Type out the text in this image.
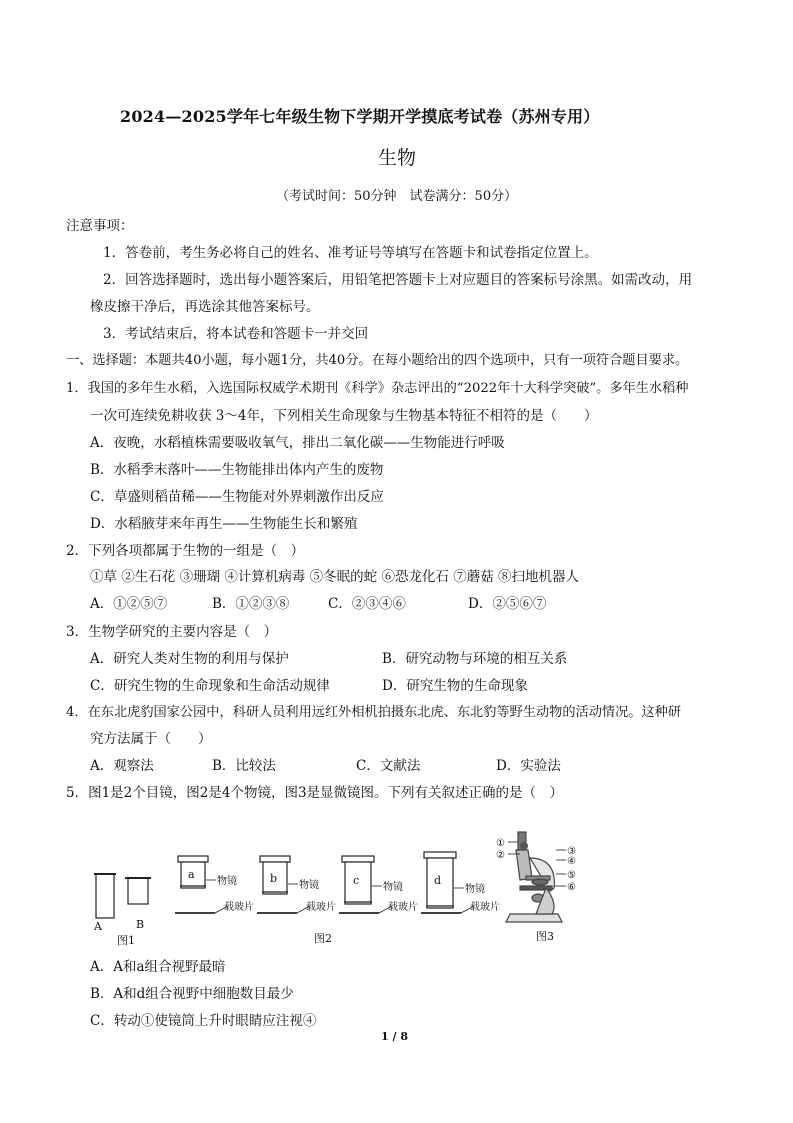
2024—2025学年七年级生物下学期开学摸底考试卷（苏州专用）
生物
（考试时间：50分钟　试卷满分：50分）
注意事项：
1．答卷前，考生务必将自己的姓名、准考证号等填写在答题卡和试卷指定位置上。
2．回答选择题时，选出每小题答案后，用铅笔把答题卡上对应题目的答案标号涂黑。如需改动，用
橡皮擦干净后，再选涂其他答案标号。
3．考试结束后，将本试卷和答题卡一并交回
一、选择题：本题共40小题，每小题1分，共40分。在每小题给出的四个选项中，只有一项符合题目要求。
1．我国的多年生水稻，入选国际权威学术期刊《科学》杂志评出的“2022年十大科学突破”。多年生水稻种
一次可连续免耕收获 3～4年，下列相关生命现象与生物基本特征不相符的是（　　）
A．夜晚，水稻植株需要吸收氧气，排出二氧化碳——生物能进行呼吸
B．水稻季末落叶——生物能排出体内产生的废物
C．草盛则稻苗稀——生物能对外界刺激作出反应
D．水稻腋芽来年再生——生物能生长和繁殖
2．下列各项都属于生物的一组是（　）
①草 ②生石花 ③珊瑚 ④计算机病毒 ⑤冬眠的蛇 ⑥恐龙化石 ⑦蘑菇 ⑧扫地机器人
A．①②⑤⑦	B．①②③⑧	C．②③④⑥	D．②⑤⑥⑦
3．生物学研究的主要内容是（　）
A．研究人类对生物的利用与保护	B．研究动物与环境的相互关系
C．研究生物的生命现象和生命活动规律	D．研究生物的生命现象
4．在东北虎豹国家公园中，科研人员利用远红外相机拍摄东北虎、东北豹等野生动物的活动情况。这种研
究方法属于（　　）
A．观察法	B．比较法	C．文献法	D．实验法
5．图1是2个目镜，图2是4个物镜，图3是显微镜图。下列有关叙述正确的是（　）
A	B
图1
a	b	c	d
物镜	物镜	物镜	物镜
载玻片	载玻片	载玻片	载玻片
图2
①
②	③
④
⑤
⑥
图3
A．A和a组合视野最暗
B．A和d组合视野中细胞数目最少
C．转动①使镜筒上升时眼睛应注视④
1 / 8
